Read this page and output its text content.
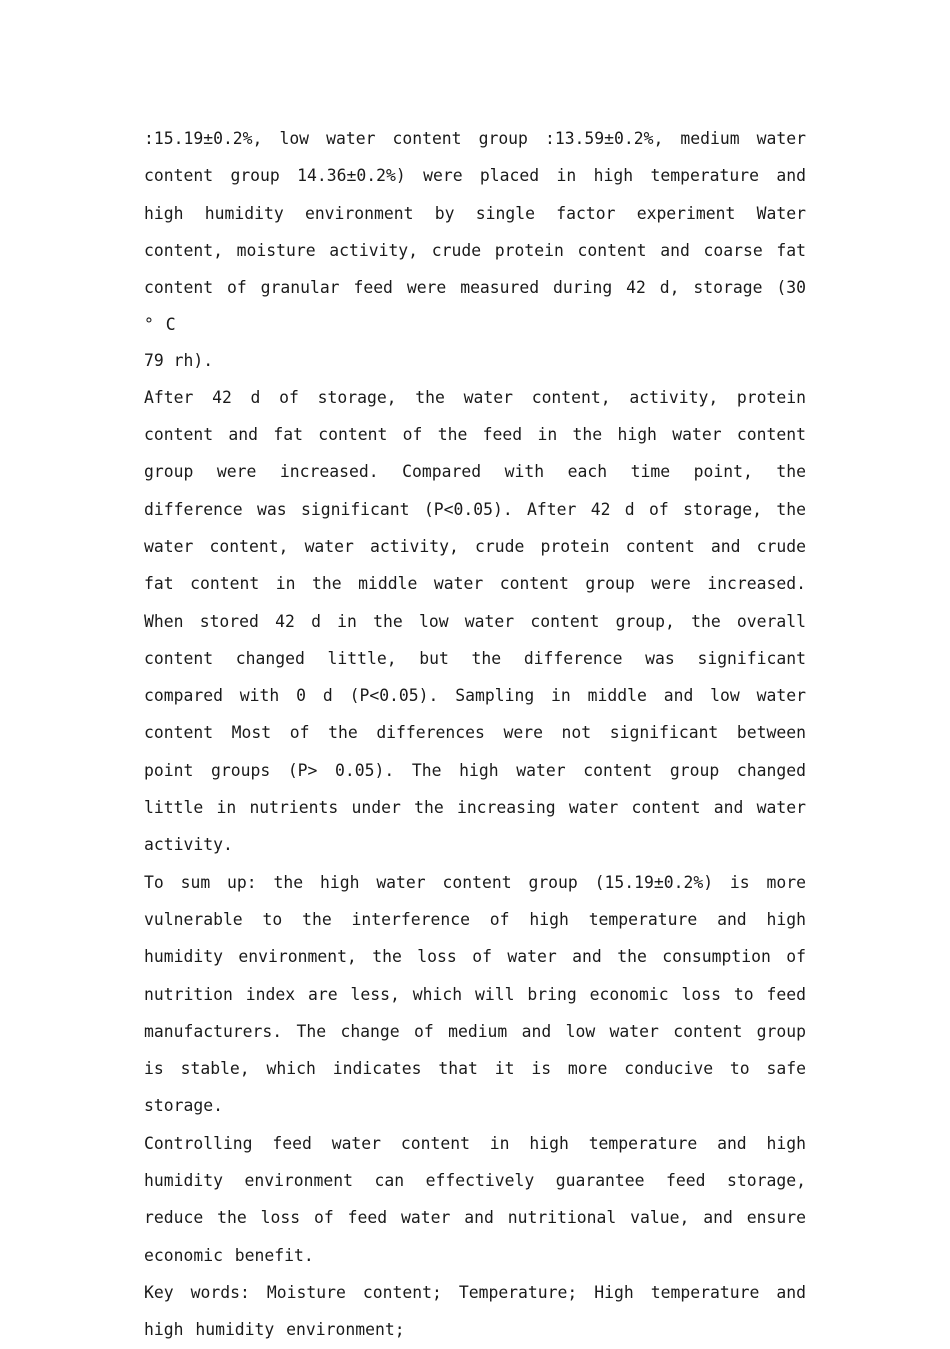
:15.19±0.2%, low water content group :13.59±0.2%, medium water content group 14.36±0.2%) were placed in high temperature and high humidity environment by single factor experiment Water content, moisture activity, crude protein content and coarse fat content of granular feed were measured during 42 d, storage (30 ° C

79 rh).

After 42 d of storage, the water content, activity, protein content and fat content of the feed in the high water content group were increased. Compared with each time point, the difference was significant (P<0.05). After 42 d of storage, the water content, water activity, crude protein content and crude fat content in the middle water content group were increased. When stored 42 d in the low water content group, the overall content changed little, but the difference was significant compared with 0 d (P<0.05). Sampling in middle and low water content Most of the differences were not significant between point groups (P> 0.05). The high water content group changed little in nutrients under the increasing water content and water activity.

To sum up: the high water content group (15.19±0.2%) is more vulnerable to the interference of high temperature and high humidity environment, the loss of water and the consumption of nutrition index are less, which will bring economic loss to feed manufacturers. The change of medium and low water content group is stable, which indicates that it is more conducive to safe storage.

Controlling feed water content in high temperature and high humidity environment can effectively guarantee feed storage, reduce the loss of feed water and nutritional value, and ensure economic benefit.

Key words: Moisture content; Temperature; High temperature and high humidity environment;
